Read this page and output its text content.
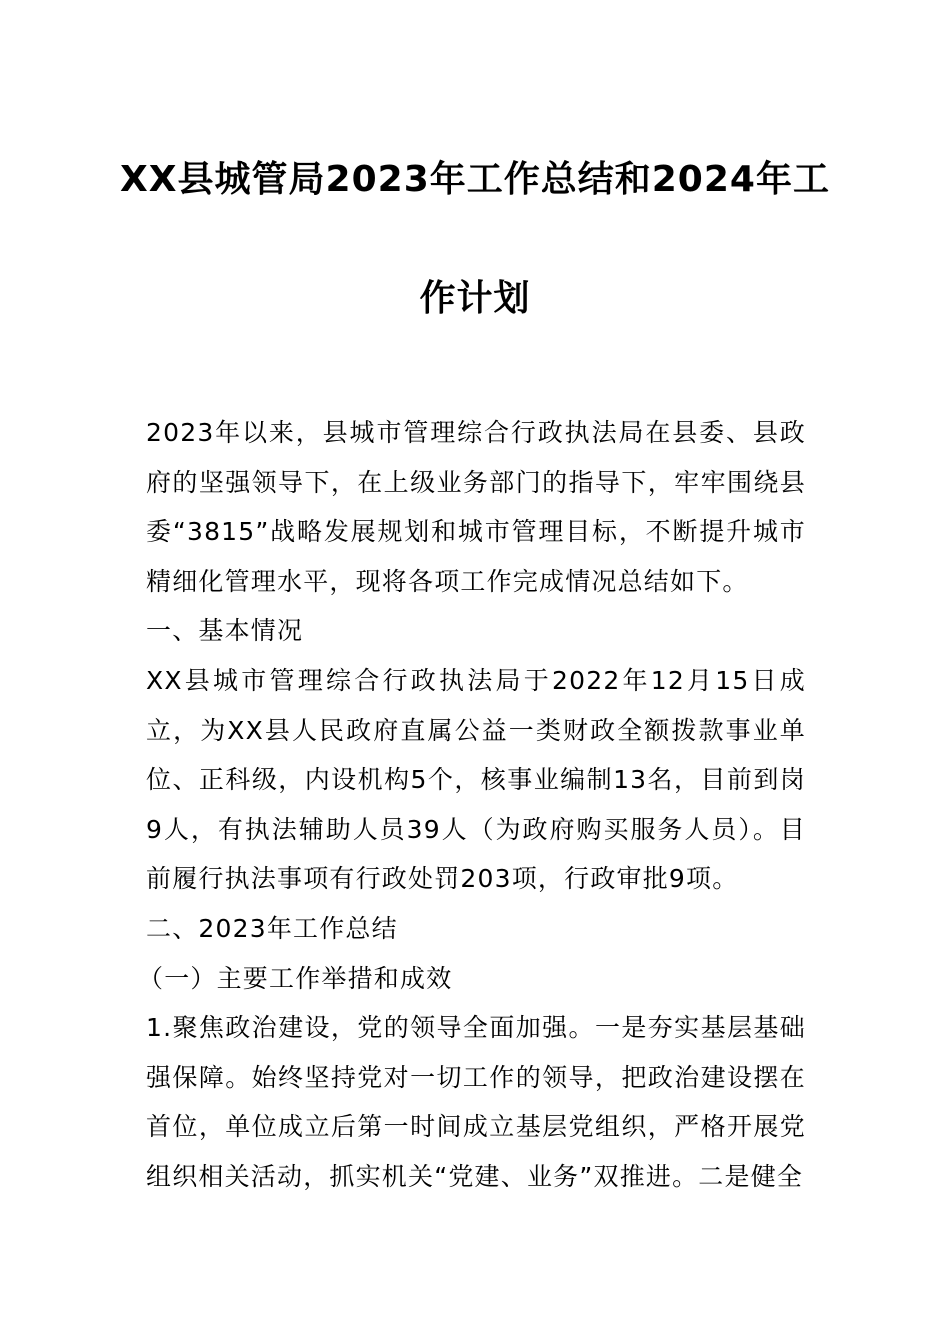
XX县城管局2023年工作总结和2024年工
作计划

2023年以来，县城市管理综合行政执法局在县委、县政府的坚强领导下，在上级业务部门的指导下，牢牢围绕县委“3815”战略发展规划和城市管理目标，不断提升城市精细化管理水平，现将各项工作完成情况总结如下。

一、基本情况

XX县城市管理综合行政执法局于2022年12月15日成立，为XX县人民政府直属公益一类财政全额拨款事业单位、正科级，内设机构5个，核事业编制13名，目前到岗9人，有执法辅助人员39人（为政府购买服务人员）。目前履行执法事项有行政处罚203项，行政审批9项。

二、2023年工作总结

（一）主要工作举措和成效

1.聚焦政治建设，党的领导全面加强。一是夯实基层基础强保障。始终坚持党对一切工作的领导，把政治建设摆在首位，单位成立后第一时间成立基层党组织，严格开展党组织相关活动，抓实机关“党建、业务”双推进。二是健全
